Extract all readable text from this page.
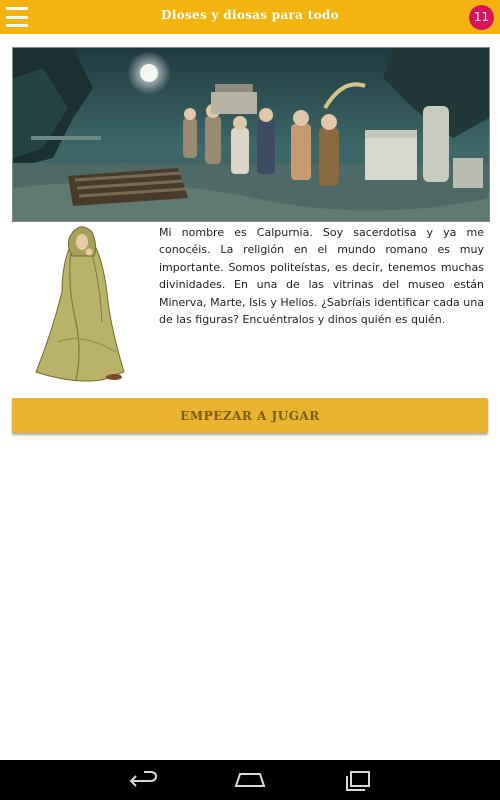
Dioses y diosas para todo	11
Mi nombre es Calpurnia. Soy sacerdotisa y ya me conocéis. La religión en el mundo romano es muy importante. Somos politeístas, es decir, tenemos muchas divinidades. En una de las vitrinas del museo están Minerva, Marte, Isis y Helios. ¿Sabríais identificar cada una de las figuras? Encuéntralos y dinos quién es quién.
EMPEZAR A JUGAR
